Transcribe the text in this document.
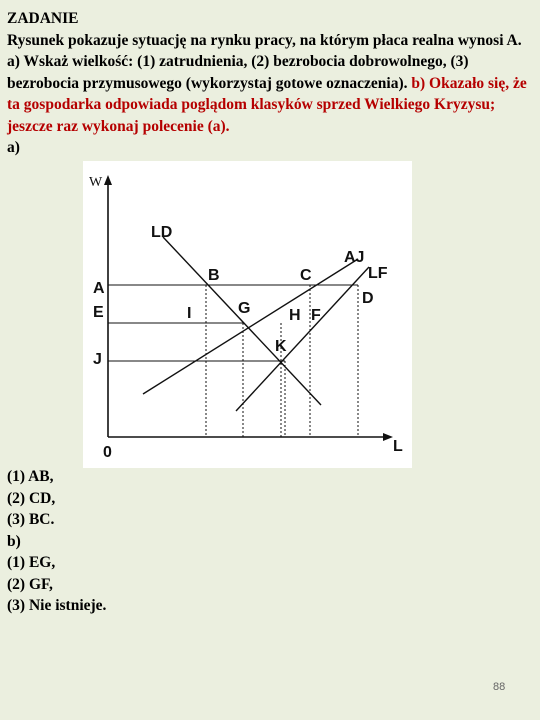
ZADANIE

Rysunek pokazuje sytuację na rynku pracy, na którym płaca realna wynosi A. a) Wskaż wielkość: (1) zatrudnienia, (2) bezrobocia dobrowolnego, (3) bezrobocia przymusowego (wykorzystaj gotowe oznaczenia). b) Okazało się, że ta gospodarka odpowiada poglądom klasyków sprzed Wielkiego Kryzysu; jeszcze raz wykonaj polecenie (a).

a)

W
L
0
LD
AJ
LF
A
E
J
B	C
D
I	G H F
K
(1) AB,
(2) CD,
(3) BC.
b)
(1) EG,
(2) GF,
(3) Nie istnieje.
88
